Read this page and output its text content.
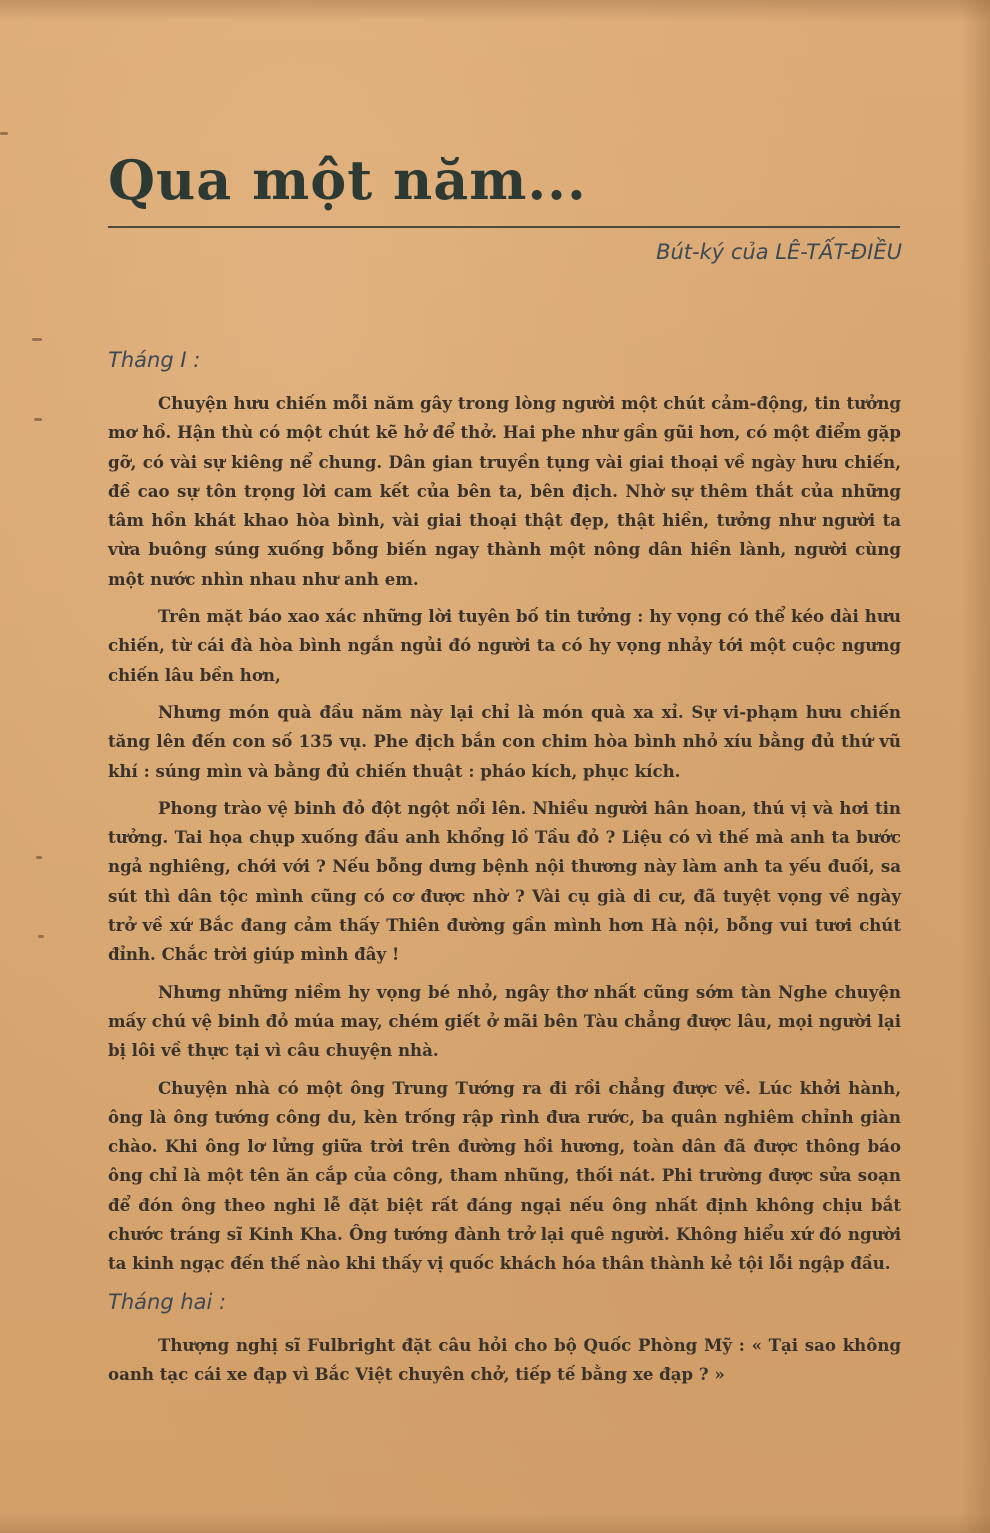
Qua một năm...
Bút-ký của LÊ-TẤT-ĐIỀU
Tháng I :

Chuyện hưu chiến mỗi năm gây trong lòng người một chút cảm-động, tin tưởng mơ hồ. Hận thù có một chút kẽ hở để thở. Hai phe như gần gũi hơn, có một điểm gặp gỡ, có vài sự kiêng nể chung. Dân gian truyền tụng vài giai thoại về ngày hưu chiến, đề cao sự tôn trọng lời cam kết của bên ta, bên địch. Nhờ sự thêm thắt của những tâm hồn khát khao hòa bình, vài giai thoại thật đẹp, thật hiền, tưởng như người ta vừa buông súng xuống bỗng biến ngay thành một nông dân hiền lành, người cùng một nước nhìn nhau như anh em.

Trên mặt báo xao xác những lời tuyên bố tin tưởng : hy vọng có thể kéo dài hưu chiến, từ cái đà hòa bình ngắn ngủi đó người ta có hy vọng nhảy tới một cuộc ngưng chiến lâu bền hơn,

Nhưng món quà đầu năm này lại chỉ là món quà xa xỉ. Sự vi-phạm hưu chiến tăng lên đến con số 135 vụ. Phe địch bắn con chim hòa bình nhỏ xíu bằng đủ thứ vũ khí : súng mìn và bằng đủ chiến thuật : pháo kích, phục kích.

Phong trào vệ binh đỏ đột ngột nổi lên. Nhiều người hân hoan, thú vị và hơi tin tưởng. Tai họa chụp xuống đầu anh khổng lồ Tầu đỏ ? Liệu có vì thế mà anh ta bước ngả nghiêng, chới với ? Nếu bỗng dưng bệnh nội thương này làm anh ta yếu đuối, sa sút thì dân tộc mình cũng có cơ được nhờ ? Vài cụ già di cư, đã tuyệt vọng về ngày trở về xứ Bắc đang cảm thấy Thiên đường gần mình hơn Hà nội, bỗng vui tươi chút đỉnh. Chắc trời giúp mình đây !

Nhưng những niềm hy vọng bé nhỏ, ngây thơ nhất cũng sớm tàn Nghe chuyện mấy chú vệ binh đỏ múa may, chém giết ở mãi bên Tàu chẳng được lâu, mọi người lại bị lôi về thực tại vì câu chuyện nhà.

Chuyện nhà có một ông Trung Tướng ra đi rồi chẳng được về. Lúc khởi hành, ông là ông tướng công du, kèn trống rập rình đưa rước, ba quân nghiêm chỉnh giàn chào. Khi ông lơ lửng giữa trời trên đường hồi hương, toàn dân đã được thông báo ông chỉ là một tên ăn cắp của công, tham nhũng, thối nát. Phi trường được sửa soạn để đón ông theo nghi lễ đặt biệt rất đáng ngại nếu ông nhất định không chịu bắt chước tráng sĩ Kinh Kha. Ông tướng đành trở lại quê người. Không hiểu xứ đó người ta kinh ngạc đến thế nào khi thấy vị quốc khách hóa thân thành kẻ tội lỗi ngập đầu.

Tháng hai :

Thượng nghị sĩ Fulbright đặt câu hỏi cho bộ Quốc Phòng Mỹ : « Tại sao không oanh tạc cái xe đạp vì Bắc Việt chuyên chở, tiếp tế bằng xe đạp ? »
